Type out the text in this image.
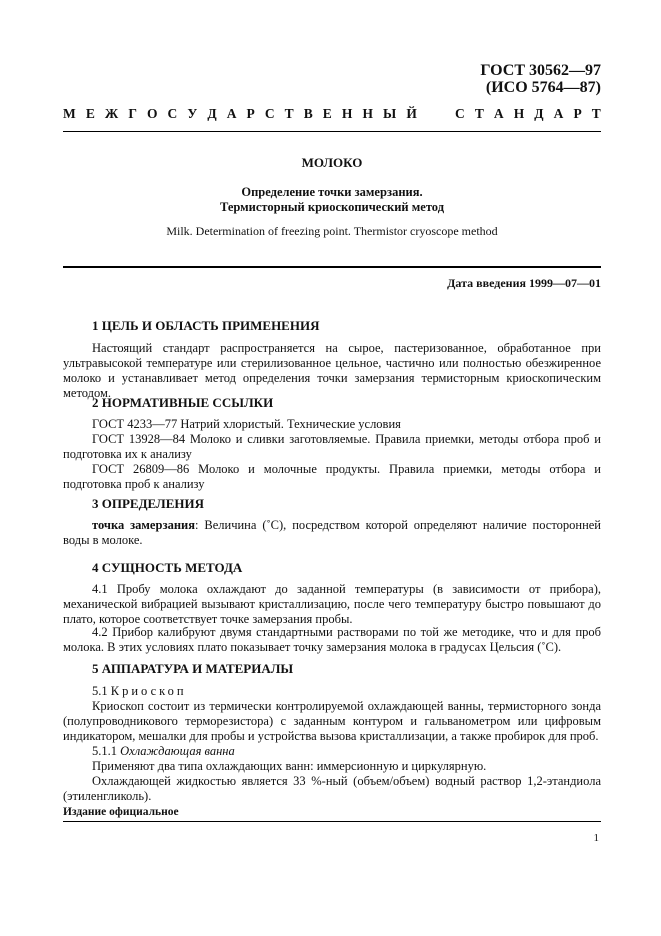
ГОСТ 30562—97
(ИСО 5764—87)
М Е Ж Г О С У Д А Р С Т В Е Н Н Ы Й	С Т А Н Д А Р Т
МОЛОКО
Определение точки замерзания.
Термисторный криоскопический метод
Milk. Determination of freezing point. Thermistor cryoscope method
Дата введения 1999—07—01
1 ЦЕЛЬ И ОБЛАСТЬ ПРИМЕНЕНИЯ
Настоящий стандарт распространяется на сырое, пастеризованное, обработанное при ультравысокой температуре или стерилизованное цельное, частично или полностью обезжиренное молоко и устанавливает метод определения точки замерзания термисторным криоскопическим методом.
2 НОРМАТИВНЫЕ ССЫЛКИ
ГОСТ 4233—77 Натрий хлористый. Технические условия
ГОСТ 13928—84 Молоко и сливки заготовляемые. Правила приемки, методы отбора проб и подготовка их к анализу
ГОСТ 26809—86 Молоко и молочные продукты. Правила приемки, методы отбора и подготовка проб к анализу
3 ОПРЕДЕЛЕНИЯ
точка замерзания: Величина (˚C), посредством которой определяют наличие посторонней воды в молоке.
4 СУЩНОСТЬ МЕТОДА
4.1 Пробу молока охлаждают до заданной температуры (в зависимости от прибора), механической вибрацией вызывают кристаллизацию, после чего температуру быстро повышают до плато, которое соответствует точке замерзания пробы.
4.2 Прибор калибруют двумя стандартными растворами по той же методике, что и для проб молока. В этих условиях плато показывает точку замерзания молока в градусах Цельсия (˚C).
5 АППАРАТУРА И МАТЕРИАЛЫ
5.1 Криоскоп
Криоскоп состоит из термически контролируемой охлаждающей ванны, термисторного зонда (полупроводникового терморезистора) с заданным контуром и гальванометром или цифровым индикатором, мешалки для пробы и устройства вызова кристаллизации, а также пробирок для проб.
5.1.1 Охлаждающая ванна
Применяют два типа охлаждающих ванн: иммерсионную и циркулярную.
Охлаждающей жидкостью является 33 %-ный (объем/объем) водный раствор 1,2-этандиола (этиленгликоль).
Издание официальное
1
